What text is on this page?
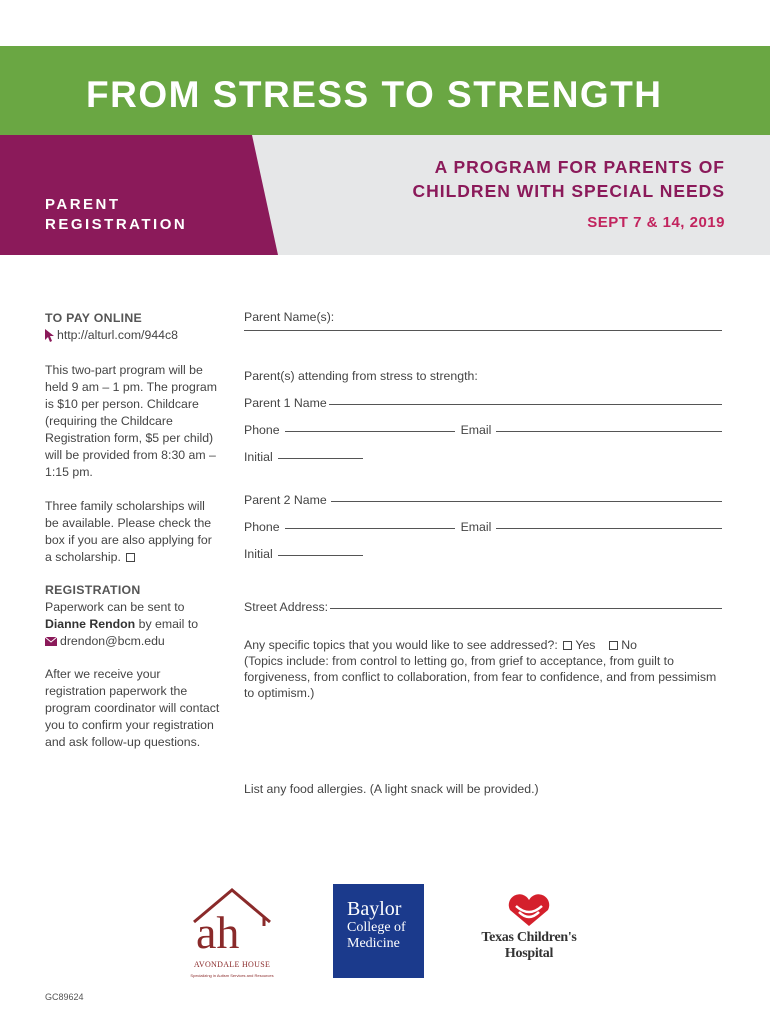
FROM STRESS TO STRENGTH
PARENT
REGISTRATION
A PROGRAM FOR PARENTS OF
CHILDREN WITH SPECIAL NEEDS
SEPT 7 & 14, 2019
TO PAY ONLINE
http://alturl.com/944c8

This two-part program will be held 9 am – 1 pm. The program is $10 per person. Childcare (requiring the Childcare Registration form, $5 per child) will be provided from 8:30 am – 1:15 pm.

Three family scholarships will be available. Please check the box if you are also applying for a scholarship.

REGISTRATION
Paperwork can be sent to Dianne Rendon by email to
drendon@bcm.edu

After we receive your registration paperwork the program coordinator will contact you to confirm your registration and ask follow-up questions.

Parent Name(s):
Parent(s) attending from stress to strength:
Parent 1 Name
Phone	Email
Initial
Parent 2 Name
Phone	Email
Initial
Street Address:
Any specific topics that you would like to see addressed?: Yes No
(Topics include: from control to letting go, from grief to acceptance, from guilt to forgiveness, from conflict to collaboration, from fear to confidence, and from pessimism to optimism.)
List any food allergies. (A light snack will be provided.)
ah
AVONDALE HOUSE
Specializing in Autism Services and Resources
Baylor
College of
Medicine	Texas Children's
Hospital
GC89624
